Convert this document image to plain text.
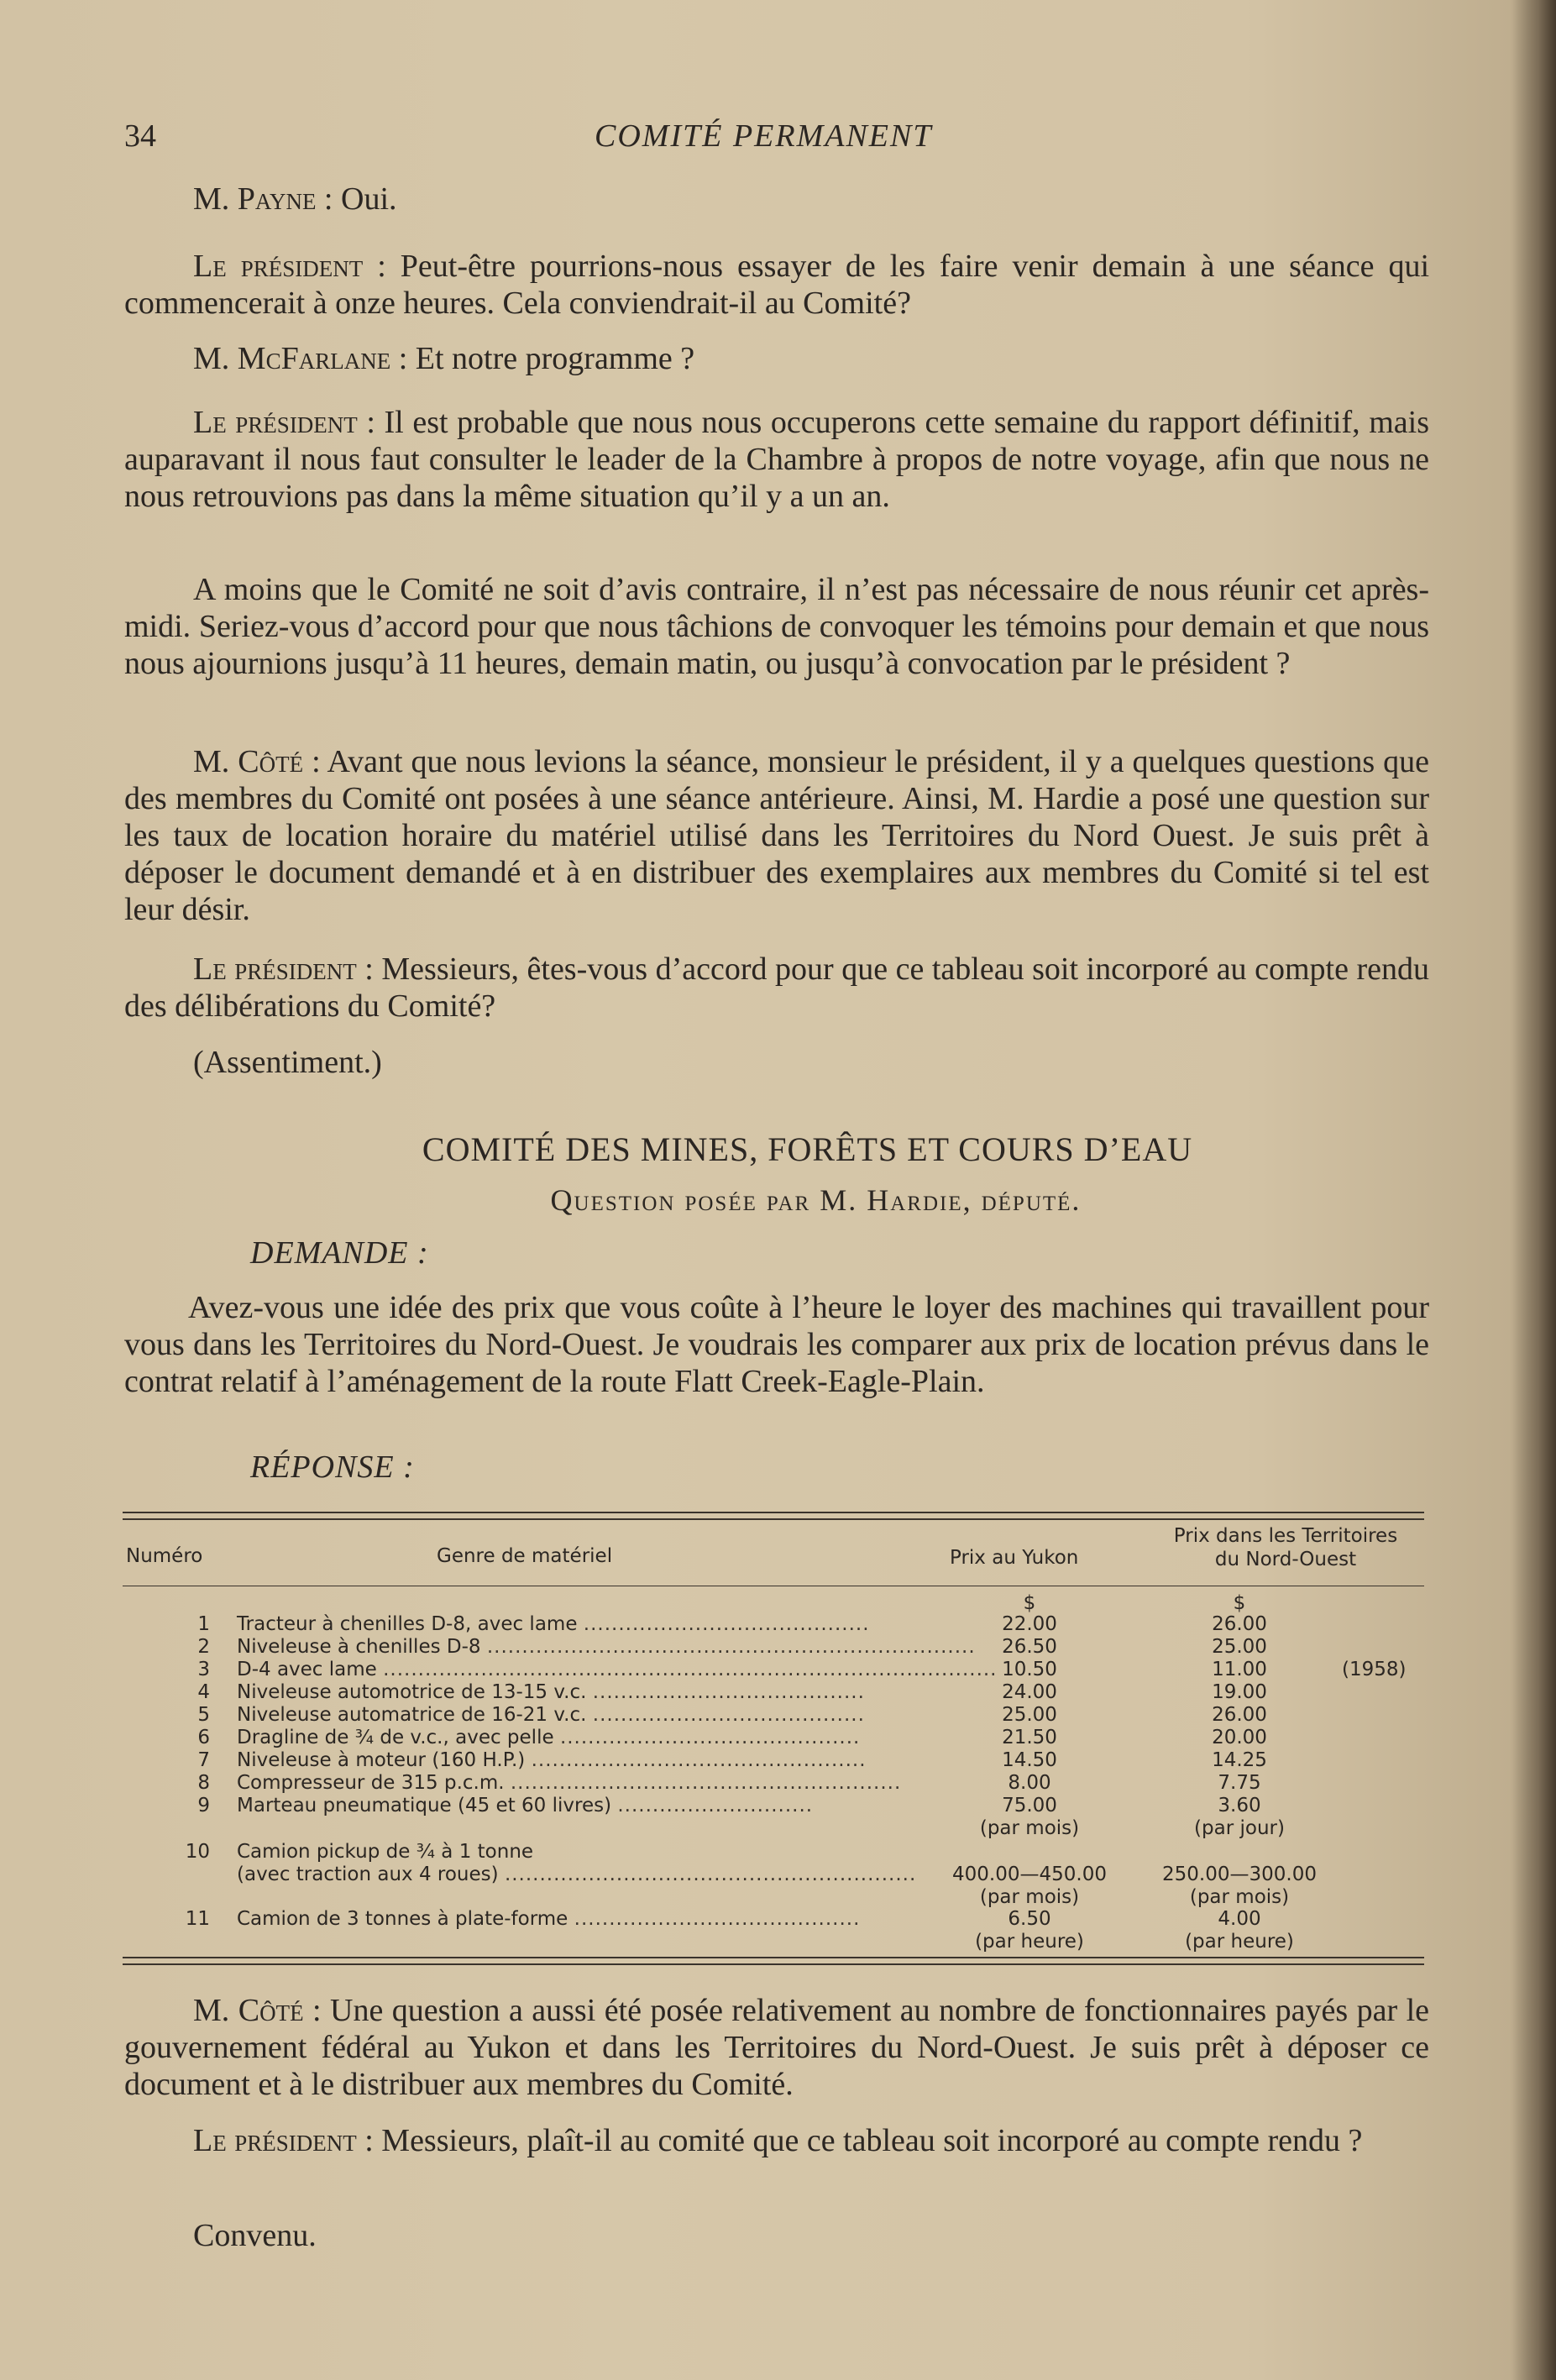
34	COMITÉ PERMANENT
M. Payne : Oui.
Le président : Peut-être pourrions-nous essayer de les faire venir demain à une séance qui commencerait à onze heures. Cela conviendrait-il au Comité?
M. McFarlane : Et notre programme ?
Le président : Il est probable que nous nous occuperons cette semaine du rapport définitif, mais auparavant il nous faut consulter le leader de la Chambre à propos de notre voyage, afin que nous ne nous retrouvions pas dans la même situation qu’il y a un an.
A moins que le Comité ne soit d’avis contraire, il n’est pas nécessaire de nous réunir cet après-midi. Seriez-vous d’accord pour que nous tâchions de convoquer les témoins pour demain et que nous nous ajournions jusqu’à 11 heures, demain matin, ou jusqu’à convocation par le président ?
M. Côté : Avant que nous levions la séance, monsieur le président, il y a quelques questions que des membres du Comité ont posées à une séance antérieure. Ainsi, M. Hardie a posé une question sur les taux de location horaire du matériel utilisé dans les Territoires du Nord Ouest. Je suis prêt à déposer le document demandé et à en distribuer des exemplaires aux membres du Comité si tel est leur désir.
Le président : Messieurs, êtes-vous d’accord pour que ce tableau soit incorporé au compte rendu des délibérations du Comité?
(Assentiment.)
COMITÉ DES MINES, FORÊTS ET COURS D’EAU
Question posée par M. Hardie, député.
DEMANDE :
Avez-vous une idée des prix que vous coûte à l’heure le loyer des machines qui travaillent pour vous dans les Territoires du Nord-Ouest. Je voudrais les comparer aux prix de location prévus dans le contrat relatif à l’aménagement de la route Flatt Creek-Eagle-Plain.
RÉPONSE :
Numéro	Genre de matériel	Prix au Yukon
Prix dans les Territoires
du Nord-Ouest
$	$
1 Tracteur à chenilles D-8, avec lame .........................................	22.00	26.00
2 Niveleuse à chenilles D-8 ......................................................................	26.50	25.00
3 D-4 avec lame ........................................................................................ 10.50	11.00	(1958)
4 Niveleuse automotrice de 13-15 v.c. .......................................	24.00	19.00
5 Niveleuse automatrice de 16-21 v.c. .......................................	25.00	26.00
6 Dragline de ¾ de v.c., avec pelle ...........................................	21.50	20.00
7 Niveleuse à moteur (160 H.P.) ................................................	14.50	14.25
8 Compresseur de 315 p.c.m. ........................................................	8.00	7.75
9 Marteau pneumatique (45 et 60 livres) ............................	75.00	3.60
(par mois)	(par jour)
10 Camion pickup de ¾ à 1 tonne
(avec traction aux 4 roues) ...........................................................	400.00—450.00	250.00—300.00
(par mois)	(par mois)
11 Camion de 3 tonnes à plate-forme .........................................	6.50	4.00
(par heure)	(par heure)
M. Côté : Une question a aussi été posée relativement au nombre de fonctionnaires payés par le gouvernement fédéral au Yukon et dans les Territoires du Nord-Ouest. Je suis prêt à déposer ce document et à le distribuer aux membres du Comité.
Le président : Messieurs, plaît-il au comité que ce tableau soit incorporé au compte rendu ?
Convenu.
